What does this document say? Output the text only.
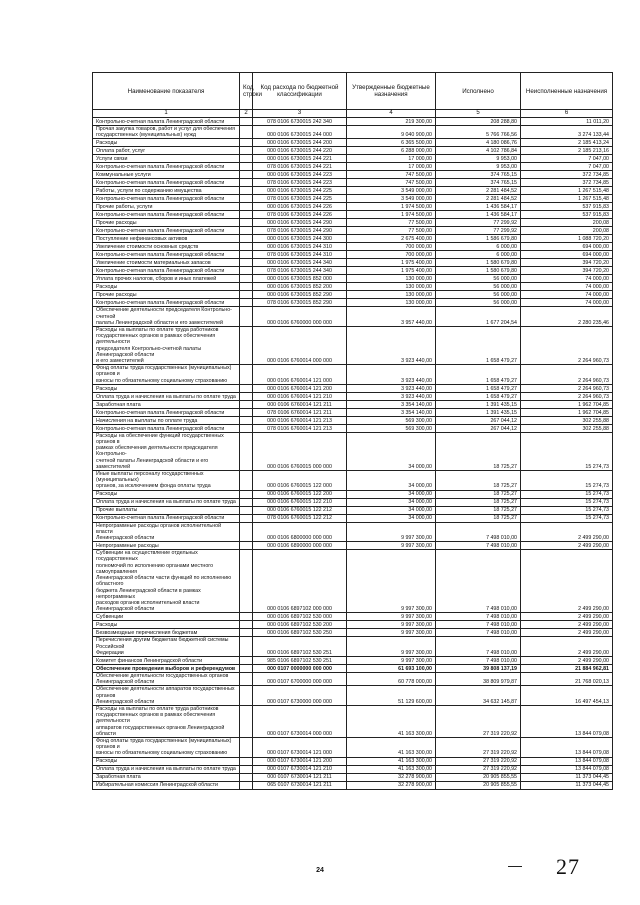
Наименование показателя	Код строки	Код расхода по бюджетной классификации	Утвержденные бюджетные назначения	Исполнено	Неисполненные назначения
1	2	3	4	5	6
Контрольно-счетная палата Ленинградской области		078 0106 6730015 242 340	219 300,00	208 288,80	11 011,20
Прочая закупка товаров, работ и услуг для обеспечения
государственных (муниципальных) нужд		000 0106 6730015 244 000	9 040 900,00	5 766 766,56	3 274 133,44
Расходы		000 0106 6730015 244 200	6 365 500,00	4 180 086,76	2 185 413,24
Оплата работ, услуг		000 0106 6730015 244 220	6 288 000,00	4 102 786,84	2 185 213,16
Услуги связи		000 0106 6730015 244 221	17 000,00	9 953,00	7 047,00
Контрольно-счетная палата Ленинградской области		078 0106 6730015 244 221	17 000,00	9 953,00	7 047,00
Коммунальные услуги		000 0106 6730015 244 223	747 500,00	374 765,15	372 734,85
Контрольно-счетная палата Ленинградской области		078 0106 6730015 244 223	747 500,00	374 765,15	372 734,85
Работы, услуги по содержанию имущества		000 0106 6730015 244 225	3 549 000,00	2 281 484,52	1 267 515,48
Контрольно-счетная палата Ленинградской области		078 0106 6730015 244 225	3 549 000,00	2 281 484,52	1 267 515,48
Прочие работы, услуги		000 0106 6730015 244 226	1 974 500,00	1 436 584,17	537 915,83
Контрольно-счетная палата Ленинградской области		078 0106 6730015 244 226	1 974 500,00	1 436 584,17	537 915,83
Прочие расходы		000 0106 6730015 244 290	77 500,00	77 299,92	200,08
Контрольно-счетная палата Ленинградской области		078 0106 6730015 244 290	77 500,00	77 299,92	200,08
Поступление нефинансовых активов		000 0106 6730015 244 300	2 675 400,00	1 586 679,80	1 088 720,20
Увеличение стоимости основных средств		000 0106 6730015 244 310	700 000,00	6 000,00	694 000,00
Контрольно-счетная палата Ленинградской области		078 0106 6730015 244 310	700 000,00	6 000,00	694 000,00
Увеличение стоимости материальных запасов		000 0106 6730015 244 340	1 975 400,00	1 580 679,80	394 720,20
Контрольно-счетная палата Ленинградской области		078 0106 6730015 244 340	1 975 400,00	1 580 679,80	394 720,20
Уплата прочих налогов, сборов и иных платежей		000 0106 6730015 852 000	130 000,00	56 000,00	74 000,00
Расходы		000 0106 6730015 852 200	130 000,00	56 000,00	74 000,00
Прочие расходы		000 0106 6730015 852 290	130 000,00	56 000,00	74 000,00
Контрольно-счетная палата Ленинградской области		078 0106 6730015 852 290	130 000,00	56 000,00	74 000,00
Обеспечение деятельности председателя Контрольно-счетной
палаты Ленинградской области и его заместителей		000 0106 6760000 000 000	3 957 440,00	1 677 204,54	2 280 235,46
Расходы на выплаты по оплате труда работников
государственных органов в рамках обеспечения деятельности
председателя Контрольно-счетной палаты Ленинградской области
и его заместителей		000 0106 6760014 000 000	3 923 440,00	1 658 479,27	2 264 960,73
Фонд оплаты труда государственных (муниципальных) органов и
взносы по обязательному социальному страхованию		000 0106 6760014 121 000	3 923 440,00	1 658 479,27	2 264 960,73
Расходы		000 0106 6760014 121 200	3 923 440,00	1 658 479,27	2 264 960,73
Оплата труда и начисления на выплаты по оплате труда		000 0106 6760014 121 210	3 923 440,00	1 658 479,27	2 264 960,73
Заработная плата		000 0106 6760014 121 211	3 354 140,00	1 391 435,15	1 962 704,85
Контрольно-счетная палата Ленинградской области		078 0106 6760014 121 211	3 354 140,00	1 391 435,15	1 962 704,85
Начисления на выплаты по оплате труда		000 0106 6760014 121 213	569 300,00	267 044,12	302 255,88
Контрольно-счетная палата Ленинградской области		078 0106 6760014 121 213	569 300,00	267 044,12	302 255,88
Расходы на обеспечение функций государственных органов в
рамках обеспечения деятельности председателя Контрольно-
счетной палаты Ленинградской области и его заместителей		000 0106 6760015 000 000	34 000,00	18 725,27	15 274,73
Иные выплаты персоналу государственных (муниципальных)
органов, за исключением фонда оплаты труда		000 0106 6760015 122 000	34 000,00	18 725,27	15 274,73
Расходы		000 0106 6760015 122 200	34 000,00	18 725,27	15 274,73
Оплата труда и начисления на выплаты по оплате труда		000 0106 6760015 122 210	34 000,00	18 725,27	15 274,73
Прочие выплаты		000 0106 6760015 122 212	34 000,00	18 725,27	15 274,73
Контрольно-счетная палата Ленинградской области		078 0106 6760015 122 212	34 000,00	18 725,27	15 274,73
Непрограммные расходы органов исполнительной власти
Ленинградской области		000 0106 6800000 000 000	9 997 300,00	7 498 010,00	2 499 290,00
Непрограммные расходы		000 0106 6890000 000 000	9 997 300,00	7 498 010,00	2 499 290,00
Субвенции на осуществление отдельных государственных
полномочий по исполнению органами местного самоуправления
Ленинградской области части функций по исполнению областного
бюджета Ленинградской области в рамках непрограммных
расходов органов исполнительной власти Ленинградской области		000 0106 6897102 000 000	9 997 300,00	7 498 010,00	2 499 290,00
Субвенции		000 0106 6897102 530 000	9 997 300,00	7 498 010,00	2 499 290,00
Расходы		000 0106 6897102 530 200	9 997 300,00	7 498 010,00	2 499 290,00
Безвозмездные перечисления бюджетам		000 0106 6897102 530 250	9 997 300,00	7 498 010,00	2 499 290,00
Перечисления другим бюджетам бюджетной системы Российской
Федерации		000 0106 6897102 530 251	9 997 300,00	7 498 010,00	2 499 290,00
Комитет финансов Ленинградской области		985 0106 6897102 530 251	9 997 300,00	7 498 010,00	2 499 290,00
Обеспечение проведения выборов и референдумов		000 0107 0000000 000 000	61 693 100,00	39 808 137,19	21 884 962,81
Обеспечение деятельности государственных органов
Ленинградской области		000 0107 6700000 000 000	60 778 000,00	38 809 979,87	21 768 020,13
Обеспечение деятельности аппаратов государственных органов
Ленинградской области		000 0107 6730000 000 000	51 129 600,00	34 632 145,87	16 497 454,13
Расходы на выплаты по оплате труда работников
государственных органов в рамках обеспечения деятельности
аппаратов государственных органов Ленинградской области		000 0107 6730014 000 000	41 163 300,00	27 319 220,92	13 844 079,08
Фонд оплаты труда государственных (муниципальных) органов и
взносы по обязательному социальному страхованию		000 0107 6730014 121 000	41 163 300,00	27 319 220,92	13 844 079,08
Расходы		000 0107 6730014 121 200	41 163 300,00	27 319 220,92	13 844 079,08
Оплата труда и начисления на выплаты по оплате труда		000 0107 6730014 121 210	41 163 300,00	27 319 220,92	13 844 079,08
Заработная плата		000 0107 6730014 121 211	32 278 900,00	20 905 855,55	11 373 044,45
Избирательная комиссия Ленинградской области		065 0107 6730014 121 211	32 278 900,00	20 905 855,55	11 373 044,45
24	27
